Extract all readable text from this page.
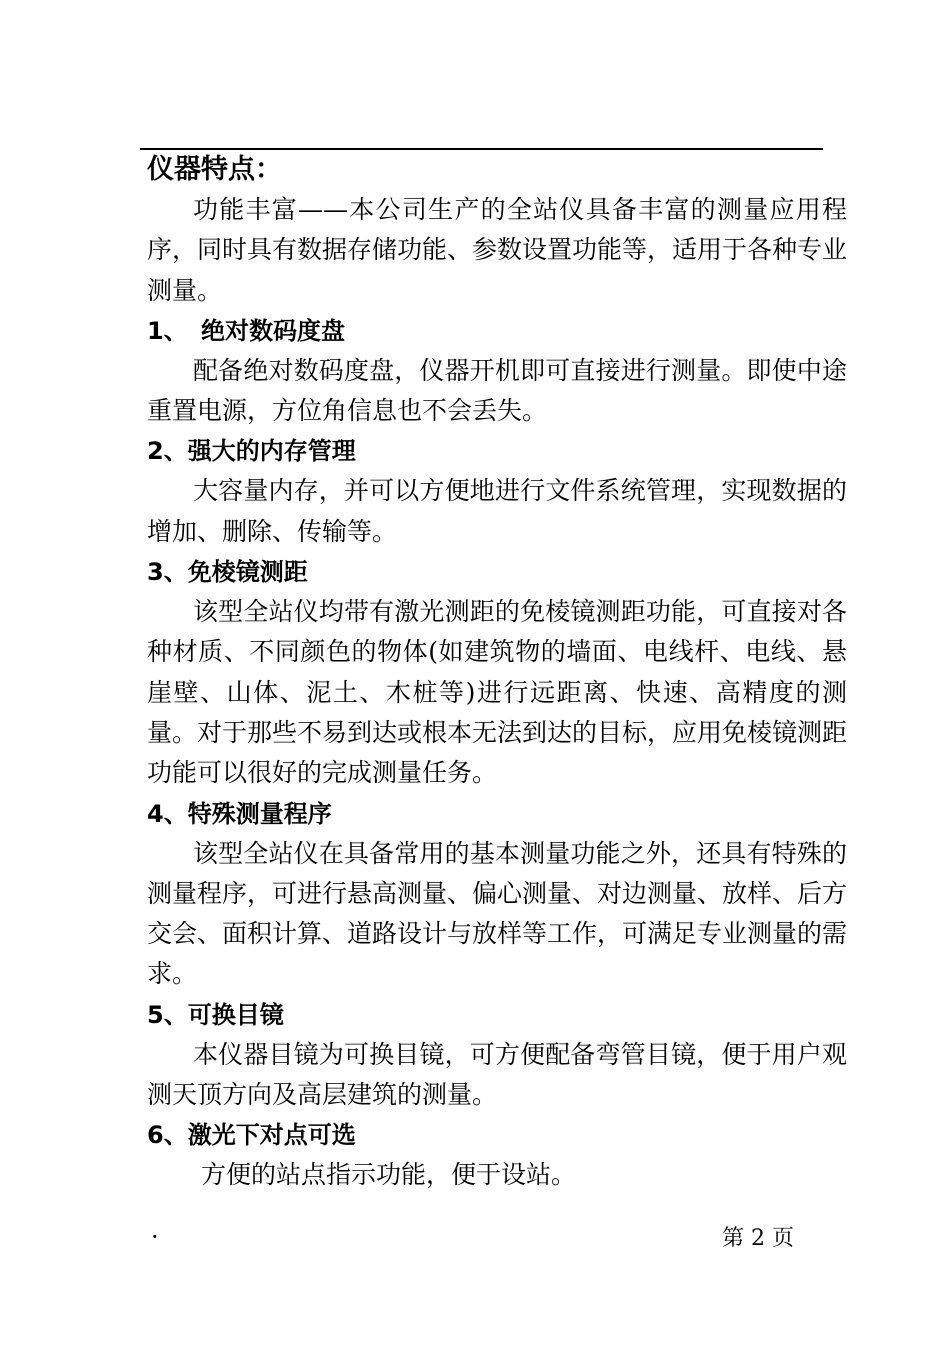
仪器特点：

功能丰富——本公司生产的全站仪具备丰富的测量应用程序，同时具有数据存储功能、参数设置功能等，适用于各种专业测量。

1、 绝对数码度盘

配备绝对数码度盘，仪器开机即可直接进行测量。即使中途重置电源，方位角信息也不会丢失。

2、强大的内存管理

大容量内存，并可以方便地进行文件系统管理，实现数据的增加、删除、传输等。

3、免棱镜测距

该型全站仪均带有激光测距的免棱镜测距功能，可直接对各种材质、不同颜色的物体(如建筑物的墙面、电线杆、电线、悬崖壁、山体、泥土、木桩等)进行远距离、快速、高精度的测量。对于那些不易到达或根本无法到达的目标，应用免棱镜测距功能可以很好的完成测量任务。

4、特殊测量程序

该型全站仪在具备常用的基本测量功能之外，还具有特殊的测量程序，可进行悬高测量、偏心测量、对边测量、放样、后方交会、面积计算、道路设计与放样等工作，可满足专业测量的需求。

5、可换目镜

本仪器目镜为可换目镜，可方便配备弯管目镜，便于用户观测天顶方向及高层建筑的测量。

6、激光下对点可选

方便的站点指示功能，便于设站。

·	第 2 页
